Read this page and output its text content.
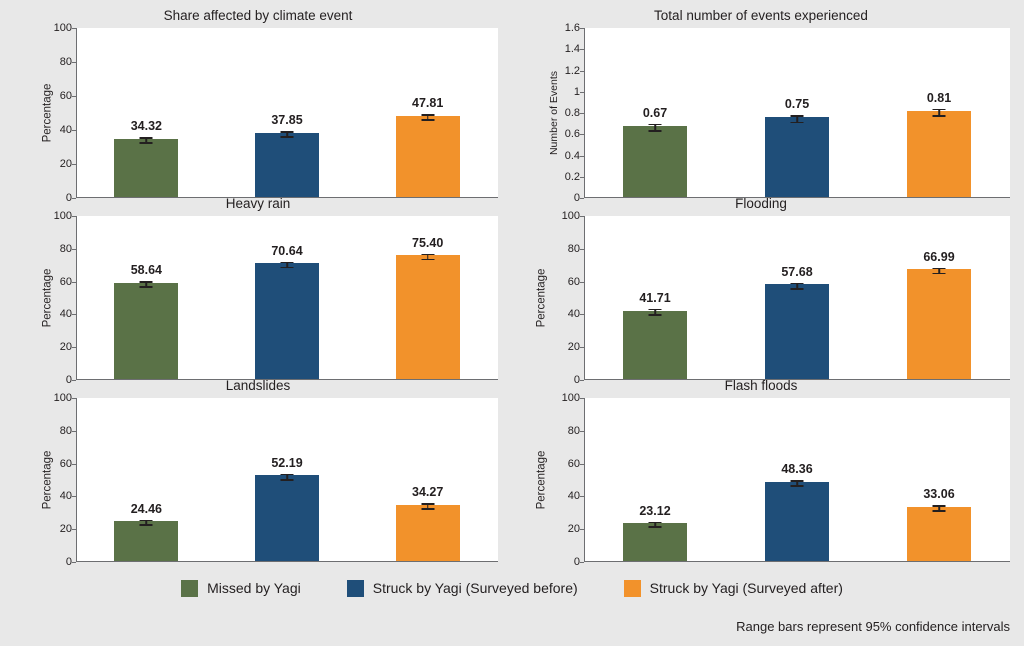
Share affected by climate event
Percentage
0
20
40
60
80
100
34.32	37.85
47.81
Total number of events experienced
Number of Events
0
0.2
0.4
0.6
0.8
1
1.2
1.4
1.6
0.67
0.75	0.81
Heavy rain
Percentage
0
20
40
60
80
100
58.64
70.64
75.40
Flooding
Percentage
0
20
40
60
80
100
41.71
57.68
66.99
Landslides
Percentage
0
20
40
60
80
100
24.46
52.19
34.27
Flash floods
Percentage
0
20
40
60
80
100
23.12
48.36
33.06
Missed by Yagi	Struck by Yagi (Surveyed before)	Struck by Yagi (Surveyed after)
Range bars represent 95% confidence intervals
